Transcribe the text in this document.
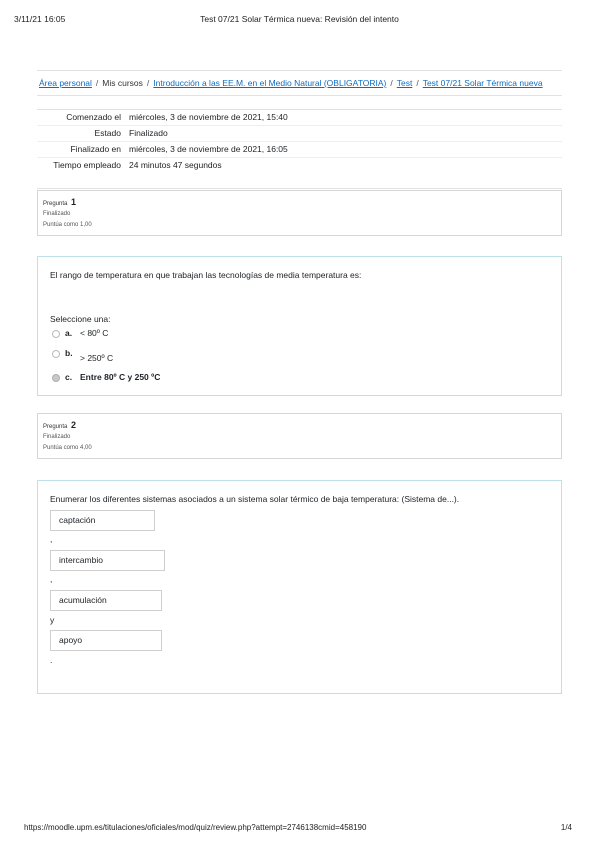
3/11/21 16:05	Test 07/21 Solar Térmica nueva: Revisión del intento
Área personal / Mis cursos / Introducción a las EE.M. en el Medio Natural (OBLIGATORIA) / Test / Test 07/21 Solar Térmica nueva
Comenzado el	miércoles, 3 de noviembre de 2021, 15:40
Estado	Finalizado
Finalizado en	miércoles, 3 de noviembre de 2021, 16:05
Tiempo empleado	24 minutos 47 segundos
Pregunta 1
Finalizado
Puntúa como 1,00
El rango de temperatura en que trabajan las tecnologías de media temperatura es:
Seleccione una:
a. < 80º C
b. > 250º C
c. Entre 80º C y 250 ºC
Pregunta 2
Finalizado
Puntúa como 4,00
Enumerar los diferentes sistemas asociados a un sistema solar térmico de baja temperatura: (Sistema de...).
captación
,
intercambio
,
acumulación
y
apoyo
.
https://moodle.upm.es/titulaciones/oficiales/mod/quiz/review.php?attempt=2746138cmid=458190	1/4
